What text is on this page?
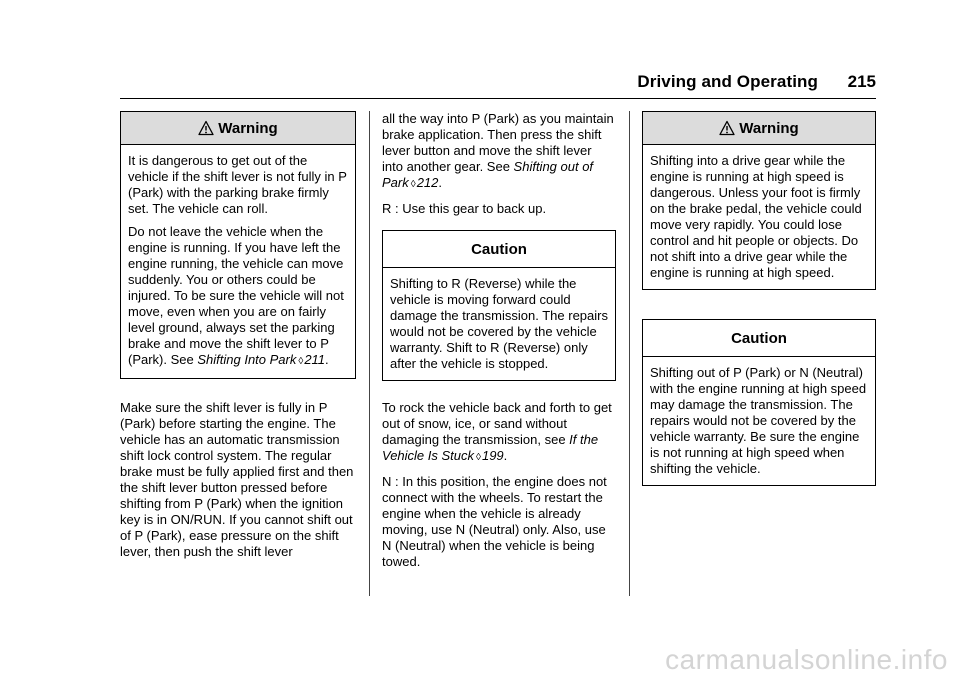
Driving and Operating 215
Warning

It is dangerous to get out of the vehicle if the shift lever is not fully in P (Park) with the parking brake firmly set. The vehicle can roll.

Do not leave the vehicle when the engine is running. If you have left the engine running, the vehicle can move suddenly. You or others could be injured. To be sure the vehicle will not move, even when you are on fairly level ground, always set the parking brake and move the shift lever to P (Park). See Shifting Into Park ◊211.

Make sure the shift lever is fully in P (Park) before starting the engine. The vehicle has an automatic transmission shift lock control system. The regular brake must be fully applied first and then the shift lever button pressed before shifting from P (Park) when the ignition key is in ON/RUN. If you cannot shift out of P (Park), ease pressure on the shift lever, then push the shift lever

all the way into P (Park) as you maintain brake application. Then press the shift lever button and move the shift lever into another gear. See Shifting out of Park ◊212.

R : Use this gear to back up.

Caution

Shifting to R (Reverse) while the vehicle is moving forward could damage the transmission. The repairs would not be covered by the vehicle warranty. Shift to R (Reverse) only after the vehicle is stopped.

To rock the vehicle back and forth to get out of snow, ice, or sand without damaging the transmission, see If the Vehicle Is Stuck ◊199.

N : In this position, the engine does not connect with the wheels. To restart the engine when the vehicle is already moving, use N (Neutral) only. Also, use N (Neutral) when the vehicle is being towed.

Warning

Shifting into a drive gear while the engine is running at high speed is dangerous. Unless your foot is firmly on the brake pedal, the vehicle could move very rapidly. You could lose control and hit people or objects. Do not shift into a drive gear while the engine is running at high speed.

Caution

Shifting out of P (Park) or N (Neutral) with the engine running at high speed may damage the transmission. The repairs would not be covered by the vehicle warranty. Be sure the engine is not running at high speed when shifting the vehicle.

carmanualsonline.info
